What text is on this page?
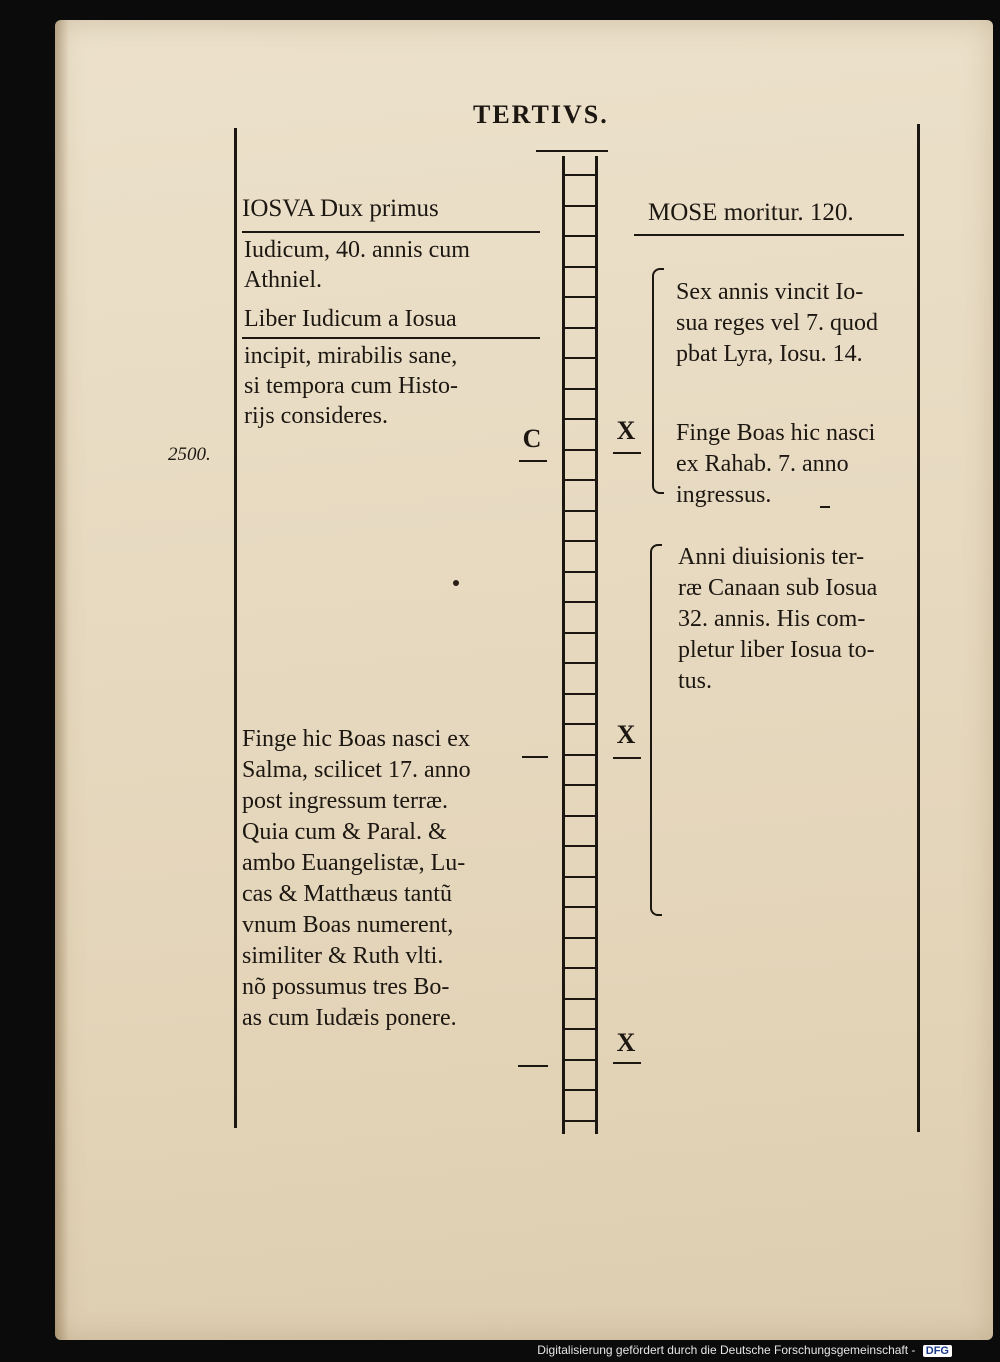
TERTIVS.
2500.
IOSVA Dux primus
Iudicum, 40. annis cum
Athniel.
Liber Iudicum a Iosua
incipit, mirabilis sane,
si tempora cum Histo-
rijs consideres.
Finge hic Boas nasci ex
Salma, scilicet 17. anno
post ingressum terræ.
Quia cum & Paral. &
ambo Euangelistæ, Lu-
cas & Matthæus tantũ
vnum Boas numerent,
similiter & Ruth vlti.
nõ possumus tres Bo-
as cum Iudæis ponere.
C
MOSE moritur. 120.
Sex annis vincit Io-
sua reges vel 7. quod
pbat Lyra, Iosu. 14.
Finge Boas hic nasci
ex Rahab. 7. anno
ingressus.
Anni diuisionis ter-
ræ Canaan sub Iosua
32. annis. His com-
pletur liber Iosua to-
tus.
X
X
X
Digitalisierung gefördert durch die Deutsche Forschungsgemeinschaft - DFG
